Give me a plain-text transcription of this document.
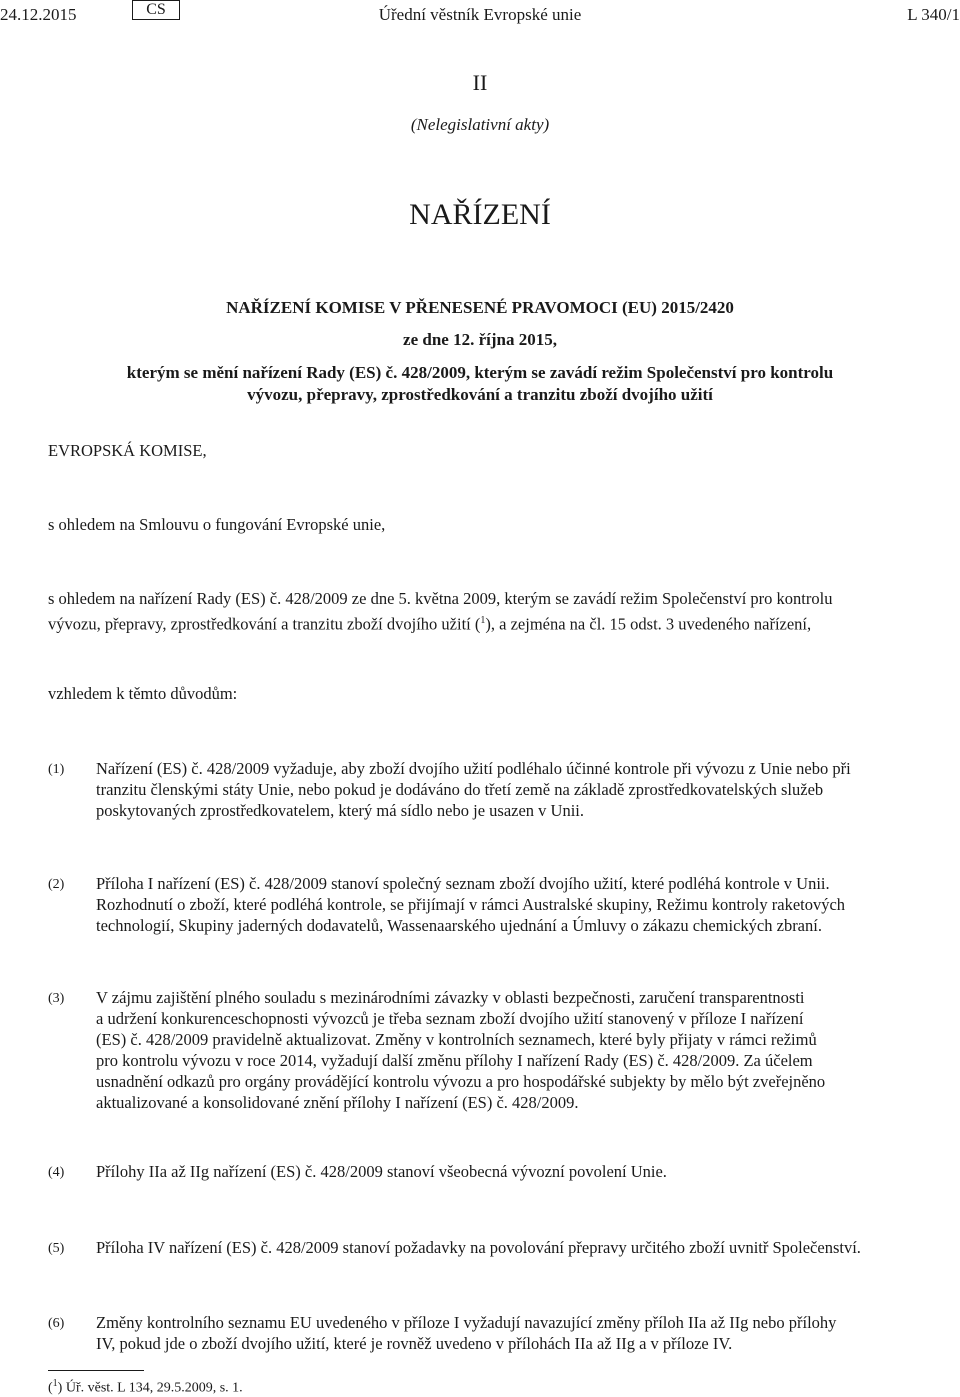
24.12.2015	CS	Úřední věstník Evropské unie	L 340/1
II
(Nelegislativní akty)
NAŘÍZENÍ
NAŘÍZENÍ KOMISE V PŘENESENÉ PRAVOMOCI (EU) 2015/2420
ze dne 12. října 2015,
kterým se mění nařízení Rady (ES) č. 428/2009, kterým se zavádí režim Společenství pro kontrolu
vývozu, přepravy, zprostředkování a tranzitu zboží dvojího užití
EVROPSKÁ KOMISE,
s ohledem na Smlouvu o fungování Evropské unie,
s ohledem na nařízení Rady (ES) č. 428/2009 ze dne 5. května 2009, kterým se zavádí režim Společenství pro kontrolu
vývozu, přepravy, zprostředkování a tranzitu zboží dvojího užití ($^1$), a zejména na čl. 15 odst. 3 uvedeného nařízení,
vzhledem k těmto důvodům:
(1) Nařízení (ES) č. 428/2009 vyžaduje, aby zboží dvojího užití podléhalo účinné kontrole při vývozu z Unie nebo při
tranzitu členskými státy Unie, nebo pokud je dodáváno do třetí země na základě zprostředkovatelských služeb
poskytovaných zprostředkovatelem, který má sídlo nebo je usazen v Unii.
(2) Příloha I nařízení (ES) č. 428/2009 stanoví společný seznam zboží dvojího užití, které podléhá kontrole v Unii.
Rozhodnutí o zboží, které podléhá kontrole, se přijímají v rámci Australské skupiny, Režimu kontroly raketových
technologií, Skupiny jaderných dodavatelů, Wassenaarského ujednání a Úmluvy o zákazu chemických zbraní.
(3) V zájmu zajištění plného souladu s mezinárodními závazky v oblasti bezpečnosti, zaručení transparentnosti
a udržení konkurenceschopnosti vývozců je třeba seznam zboží dvojího užití stanovený v příloze I nařízení
(ES) č. 428/2009 pravidelně aktualizovat. Změny v kontrolních seznamech, které byly přijaty v rámci režimů
pro kontrolu vývozu v roce 2014, vyžadují další změnu přílohy I nařízení Rady (ES) č. 428/2009. Za účelem
usnadnění odkazů pro orgány provádějící kontrolu vývozu a pro hospodářské subjekty by mělo být zveřejněno
aktualizované a konsolidované znění přílohy I nařízení (ES) č. 428/2009.
(4) Přílohy IIa až IIg nařízení (ES) č. 428/2009 stanoví všeobecná vývozní povolení Unie.
(5) Příloha IV nařízení (ES) č. 428/2009 stanoví požadavky na povolování přepravy určitého zboží uvnitř Společenství.
(6) Změny kontrolního seznamu EU uvedeného v příloze I vyžadují navazující změny příloh IIa až IIg nebo přílohy
IV, pokud jde o zboží dvojího užití, které je rovněž uvedeno v přílohách IIa až IIg a v příloze IV.
($^1$) Úř. věst. L 134, 29.5.2009, s. 1.
